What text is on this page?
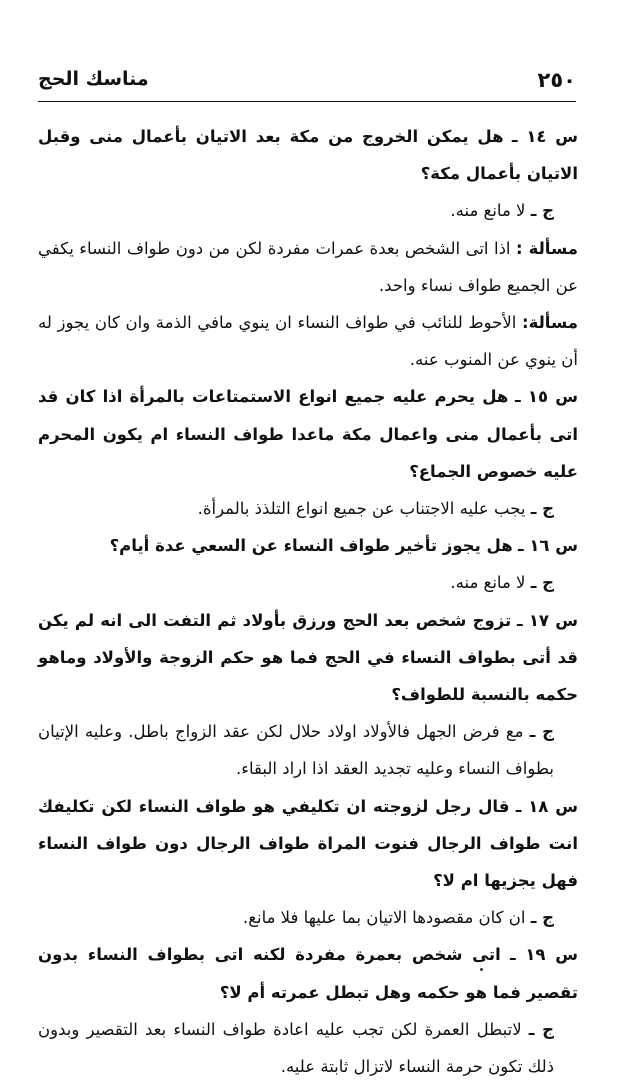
٢٥٠
مناسك الحج

س ١٤ ـ هل يمكن الخروج من مكة بعد الاتيان بأعمال منى وقبل الاتيان بأعمال مكة؟

ج ـ لا مانع منه.

مسألة : اذا اتى الشخص بعدة عمرات مفردة لكن من دون طواف النساء يكفي عن الجميع طواف نساء واحد.

مسألة: الأحوط للنائب في طواف النساء ان ينوي مافي الذمة وان كان يجوز له أن ينوي عن المنوب عنه.

س ١٥ ـ هل يحرم عليه جميع انواع الاستمتاعات بالمرأة اذا كان قد اتى بأعمال منى واعمال مكة ماعدا طواف النساء ام يكون المحرم عليه خصوص الجماع؟

ج ـ يجب عليه الاجتناب عن جميع انواع التلذذ بالمرأة.

س ١٦ ـ هل يجوز تأخير طواف النساء عن السعي عدة أيام؟

ج ـ لا مانع منه.

س ١٧ ـ تزوج شخص بعد الحج ورزق بأولاد ثم التفت الى انه لم يكن قد أتى بطواف النساء في الحج فما هو حكم الزوجة والأولاد وماهو حكمه بالنسبة للطواف؟

ج ـ مع فرض الجهل فالأولاد اولاد حلال لكن عقد الزواج باطل. وعليه الإتيان بطواف النساء وعليه تجديد العقد اذا اراد البقاء.

س ١٨ ـ قال رجل لزوجته ان تكليفي هو طواف النساء لكن تكليفك انت طواف الرجال فنوت المراة طواف الرجال دون طواف النساء فهل يجزيها ام لا؟

ج ـ ان كان مقصودها الاتيان بما عليها فلا مانع.

س ١٩ ـ اتى شخص بعمرة مفردة لكنه اتى بطواف النساء بدون تقصير فما هو حكمه وهل تبطل عمرته أم لا؟

ج ـ لاتبطل العمرة لكن تجب عليه اعادة طواف النساء بعد التقصير وبدون ذلك تكون حرمة النساء لاتزال ثابتة عليه.
